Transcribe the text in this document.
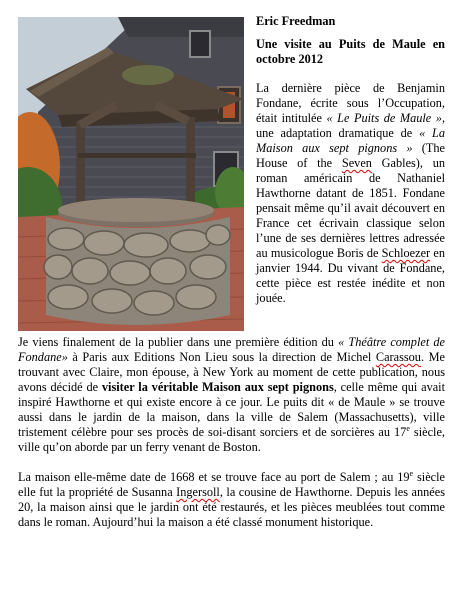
Eric Freedman
Une visite au Puits de Maule en octobre 2012

La dernière pièce de Benjamin Fondane, écrite sous l’Occupation, était intitulée « Le Puits de Maule », une adaptation dramatique de « La Maison aux sept pignons » (The House of the Seven Gables), un roman américain de Nathaniel Hawthorne datant de 1851. Fondane pensait même qu’il avait découvert en France cet écrivain classique selon l’une de ses dernières lettres adressée au musicologue Boris de Schloezer en janvier 1944. Du vivant de Fondane, cette pièce est restée inédite et non jouée.

Je viens finalement de la publier dans une première édition du « Théâtre complet de Fondane» à Paris aux Editions Non Lieu sous la direction de Michel Carassou. Me trouvant avec Claire, mon épouse, à New York au moment de cette publication, nous avons décidé de visiter la véritable Maison aux sept pignons, celle même qui avait inspiré Hawthorne et qui existe encore à ce jour. Le puits dit « de Maule » se trouve aussi dans le jardin de la maison, dans la ville de Salem (Massachusetts), ville tristement célèbre pour ses procès de soi-disant sorciers et de sorcières au 17e siècle, ville qu’on aborde par un ferry venant de Boston.

La maison elle-même date de 1668 et se trouve face au port de Salem ; au 19e siècle elle fut la propriété de Susanna Ingersoll, la cousine de Hawthorne. Depuis les années 20, la maison ainsi que le jardin ont été restaurés, et les pièces meublées tout comme dans le roman. Aujourd’hui la maison a été classé monument historique.
